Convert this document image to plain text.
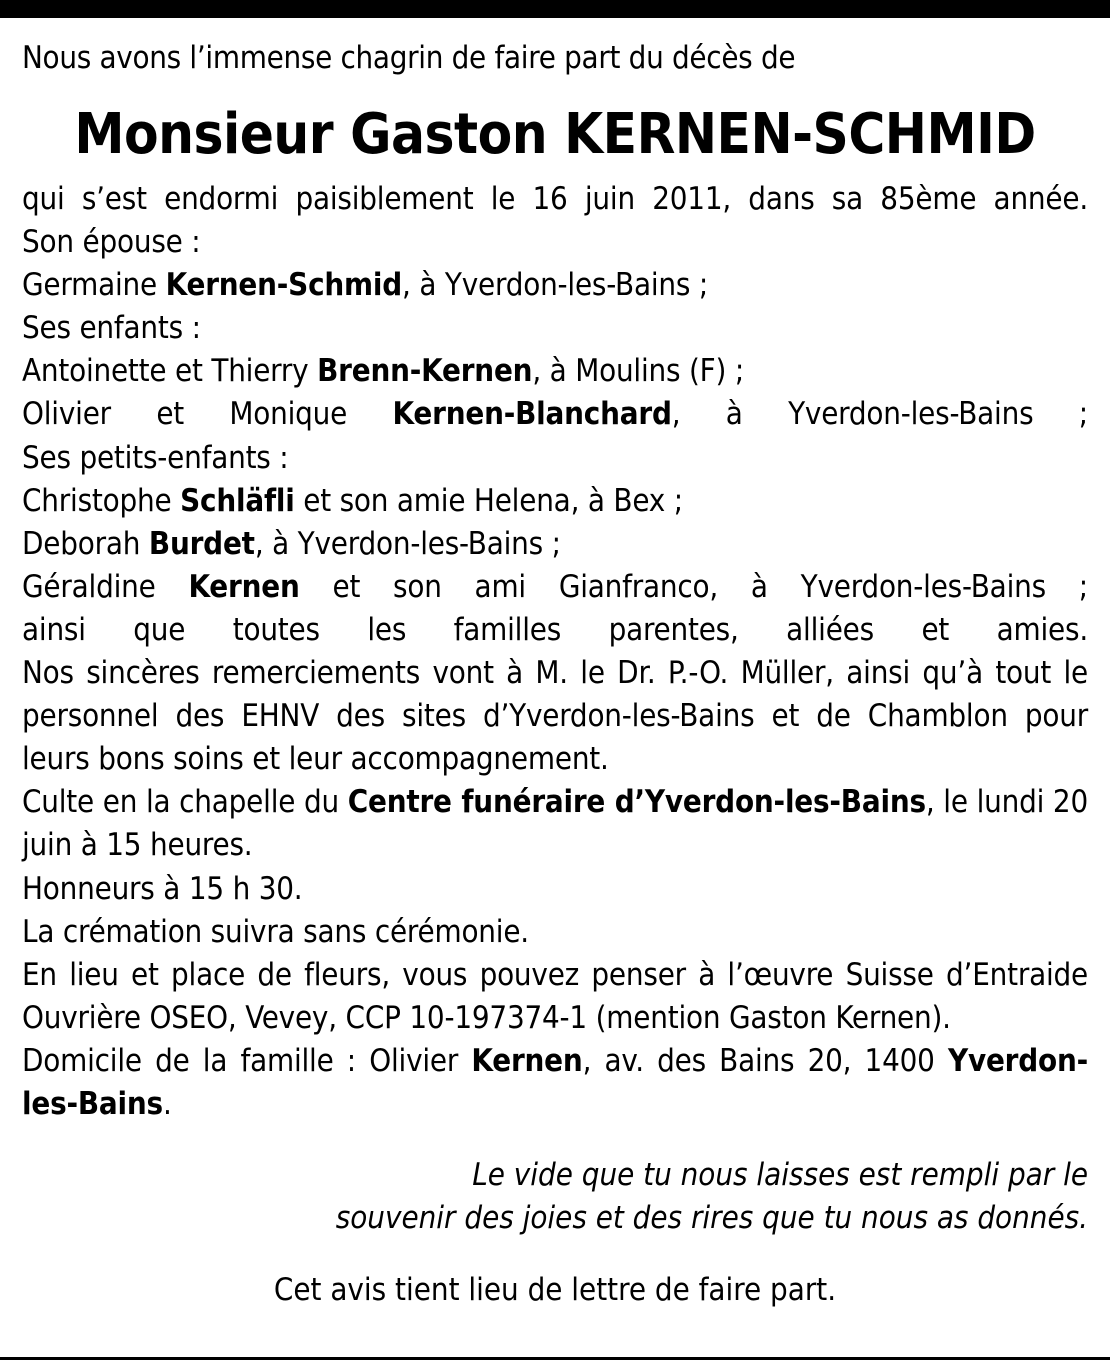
Nous avons l’immense chagrin de faire part du décès de

Monsieur Gaston KERNEN-SCHMID
qui s’est endormi paisiblement le 16 juin 2011, dans sa 85ème année.
Son épouse :
Germaine Kernen-Schmid, à Yverdon-les-Bains ;
Ses enfants :
Antoinette et Thierry Brenn-Kernen, à Moulins (F) ;
Olivier et Monique Kernen-Blanchard, à Yverdon-les-Bains ;
Ses petits-enfants :
Christophe Schläfli et son amie Helena, à Bex ;
Deborah Burdet, à Yverdon-les-Bains ;
Géraldine Kernen et son ami Gianfranco, à Yverdon-les-Bains ;
ainsi que toutes les familles parentes, alliées et amies.
Nos sincères remerciements vont à M. le Dr. P.-O. Müller, ainsi qu’à tout le personnel des EHNV des sites d’Yverdon-les-Bains et de Chamblon pour leurs bons soins et leur accompagnement.
Culte en la chapelle du Centre funéraire d’Yverdon-les-Bains, le lundi 20 juin à 15 heures.
Honneurs à 15 h 30.
La crémation suivra sans cérémonie.
En lieu et place de fleurs, vous pouvez penser à l’œuvre Suisse d’Entraide Ouvrière OSEO, Vevey, CCP 10-197374-1 (mention Gaston Kernen).
Domicile de la famille : Olivier Kernen, av. des Bains 20, 1400 Yverdon-les-Bains.
Le vide que tu nous laisses est rempli par le
souvenir des joies et des rires que tu nous as donnés.

Cet avis tient lieu de lettre de faire part.
